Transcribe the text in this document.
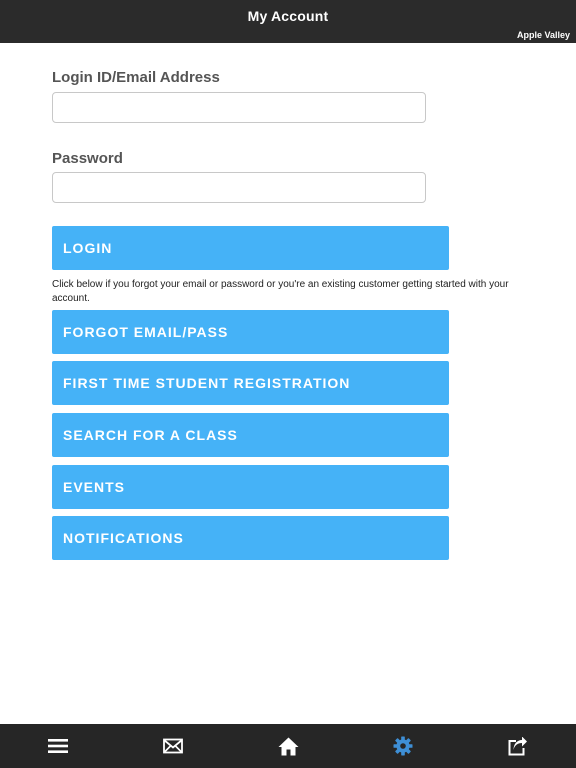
My Account
Apple Valley
Login ID/Email Address
Password
LOGIN
Click below if you forgot your email or password or you're an existing customer getting started with your account.
FORGOT EMAIL/PASS
FIRST TIME STUDENT REGISTRATION
SEARCH FOR A CLASS
EVENTS
NOTIFICATIONS
